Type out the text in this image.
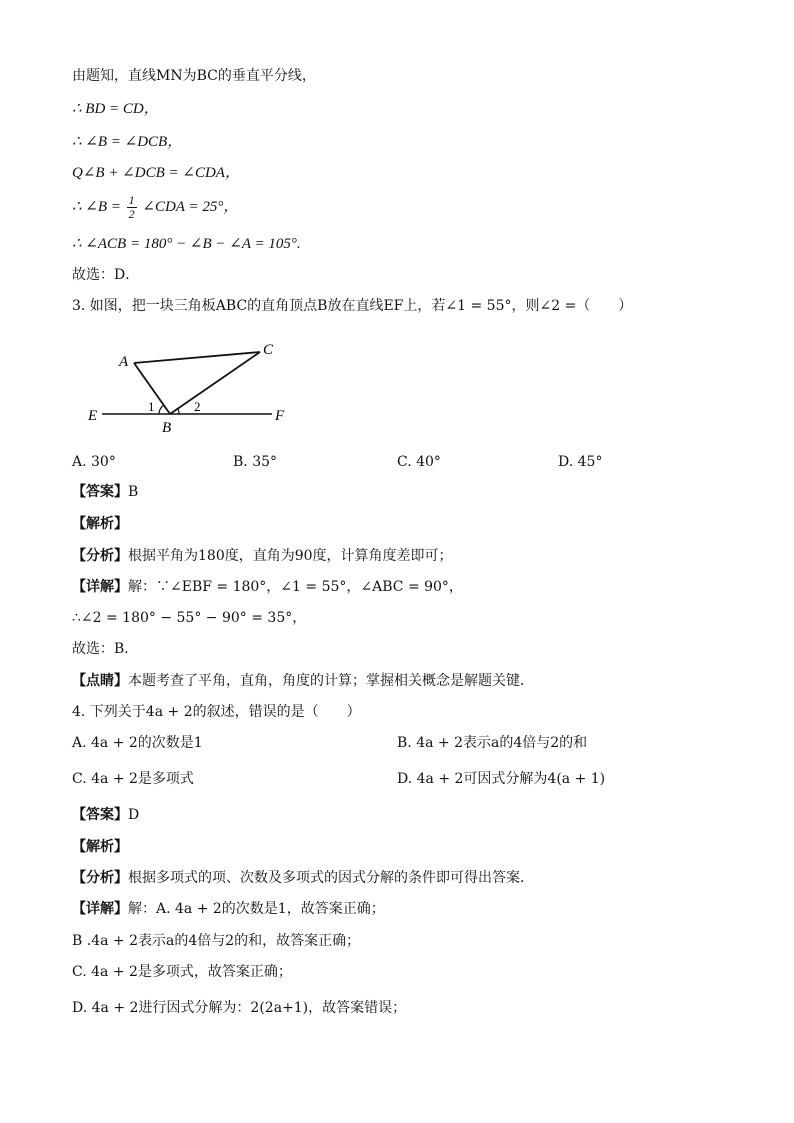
由题知，直线MN为BC的垂直平分线，
∴ BD = CD，
∴ ∠B = ∠DCB，
Q∠B + ∠DCB = ∠CDA，
∴ ∠B = $\frac{1}{2}$ ∠CDA = 25°，
∴ ∠ACB = 180° − ∠B − ∠A = 105°.
故选：D．
3. 如图，把一块三角板ABC的直角顶点B放在直线EF上，若∠1 = 55°，则∠2 =（　　）
A
C
E	F
B
1	2
A. 30°	B. 35°	C. 40°	D. 45°
【答案】B
【解析】
【分析】根据平角为180度，直角为90度，计算角度差即可；
【详解】解：∵∠EBF = 180°，∠1 = 55°，∠ABC = 90°，
∴∠2 = 180° − 55° − 90° = 35°，
故选：B．
【点睛】本题考查了平角，直角，角度的计算；掌握相关概念是解题关键．
4. 下列关于4a + 2的叙述，错误的是（　　）
A. 4a + 2的次数是1	B. 4a + 2表示a的4倍与2的和
C. 4a + 2是多项式	D. 4a + 2可因式分解为4(a + 1)
【答案】D
【解析】
【分析】根据多项式的项、次数及多项式的因式分解的条件即可得出答案．
【详解】解：A. 4a + 2的次数是1，故答案正确；
B .4a + 2表示a的4倍与2的和，故答案正确；
C. 4a + 2是多项式，故答案正确；
D. 4a + 2进行因式分解为：2(2a+1)，故答案错误；
